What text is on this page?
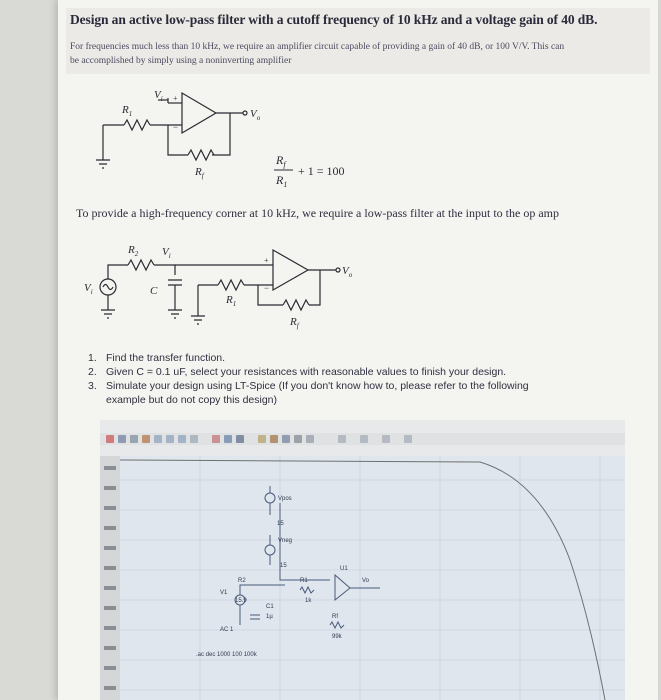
Design an active low-pass filter with a cutoff frequency of 10 kHz and a voltage gain of 40 dB.
For frequencies much less than 10 kHz, we require an amplifier circuit capable of providing a gain of 40 dB, or 100 V/V. This can
be accomplished by simply using a noninverting amplifier
+
−
$R_1$
$V_i$
$V_o$
$R_f$
$R_f$
$R_1$
+ 1 = 100
+
−
$V_i$
$R_2$ $V_i$
C
$R_1$
$V_o$
$R_f$
To provide a high-frequency corner at 10 kHz, we require a low-pass filter at the input to the op amp
1. Find the transfer function.
2. Given C = 0.1 uF, select your resistances with reasonable values to finish your design.
3. Simulate your design using LT-Spice (If you don't know how to, please refer to the following
example but do not copy this design)
Vpos
15
Vneg
15
R2
V1
15.9
C1
1µ
AC 1
R1
1k
U1
Vo
Rf
99k
.ac dec 1000 100 100k
